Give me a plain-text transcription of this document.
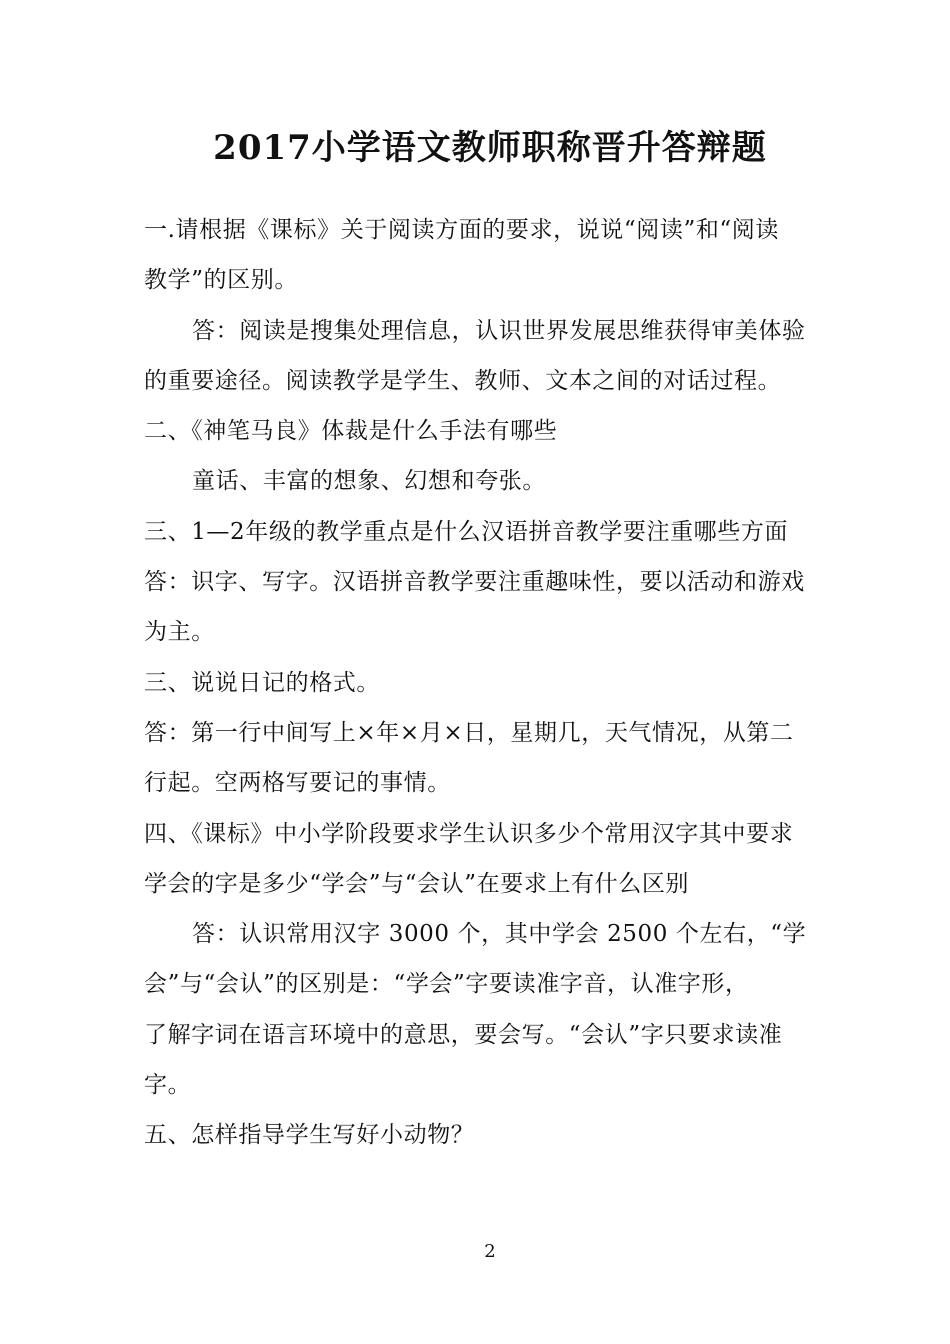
2017小学语文教师职称晋升答辩题
一.请根据《课标》关于阅读方面的要求，说说“阅读”和“阅读
教学”的区别。
答：阅读是搜集处理信息，认识世界发展思维获得审美体验
的重要途径。阅读教学是学生、教师、文本之间的对话过程。
二、《神笔马良》体裁是什么手法有哪些
童话、丰富的想象、幻想和夸张。
三、1—2年级的教学重点是什么汉语拼音教学要注重哪些方面
答：识字、写字。汉语拼音教学要注重趣味性，要以活动和游戏
为主。
三、说说日记的格式。
答：第一行中间写上×年×月×日，星期几，天气情况，从第二
行起。空两格写要记的事情。
四、《课标》中小学阶段要求学生认识多少个常用汉字其中要求
学会的字是多少“学会”与“会认”在要求上有什么区别
答：认识常用汉字 3000 个，其中学会 2500 个左右，“学
会”与“会认”的区别是：“学会”字要读准字音，认准字形，
了解字词在语言环境中的意思，要会写。“会认”字只要求读准
字。
五、怎样指导学生写好小动物？
2
